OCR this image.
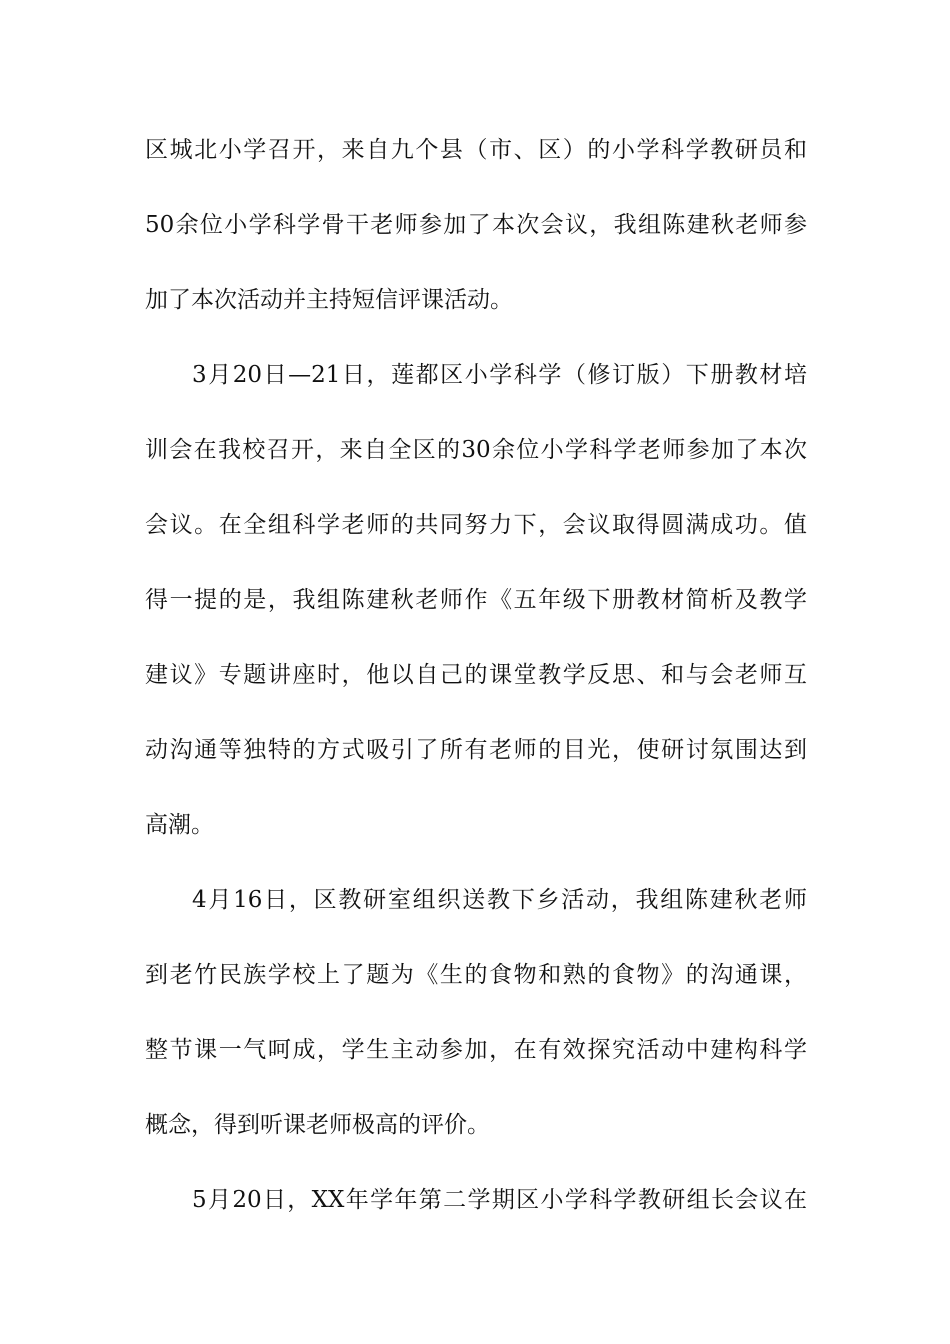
区城北小学召开，来自九个县（市、区）的小学科学教研员和
50余位小学科学骨干老师参加了本次会议，我组陈建秋老师参
加了本次活动并主持短信评课活动。
3月20日—21日，莲都区小学科学（修订版）下册教材培
训会在我校召开，来自全区的30余位小学科学老师参加了本次
会议。在全组科学老师的共同努力下，会议取得圆满成功。值
得一提的是，我组陈建秋老师作《五年级下册教材简析及教学
建议》专题讲座时，他以自己的课堂教学反思、和与会老师互
动沟通等独特的方式吸引了所有老师的目光，使研讨氛围达到
高潮。
4月16日，区教研室组织送教下乡活动，我组陈建秋老师
到老竹民族学校上了题为《生的食物和熟的食物》的沟通课，
整节课一气呵成，学生主动参加，在有效探究活动中建构科学
概念，得到听课老师极高的评价。
5月20日，XX年学年第二学期区小学科学教研组长会议在
